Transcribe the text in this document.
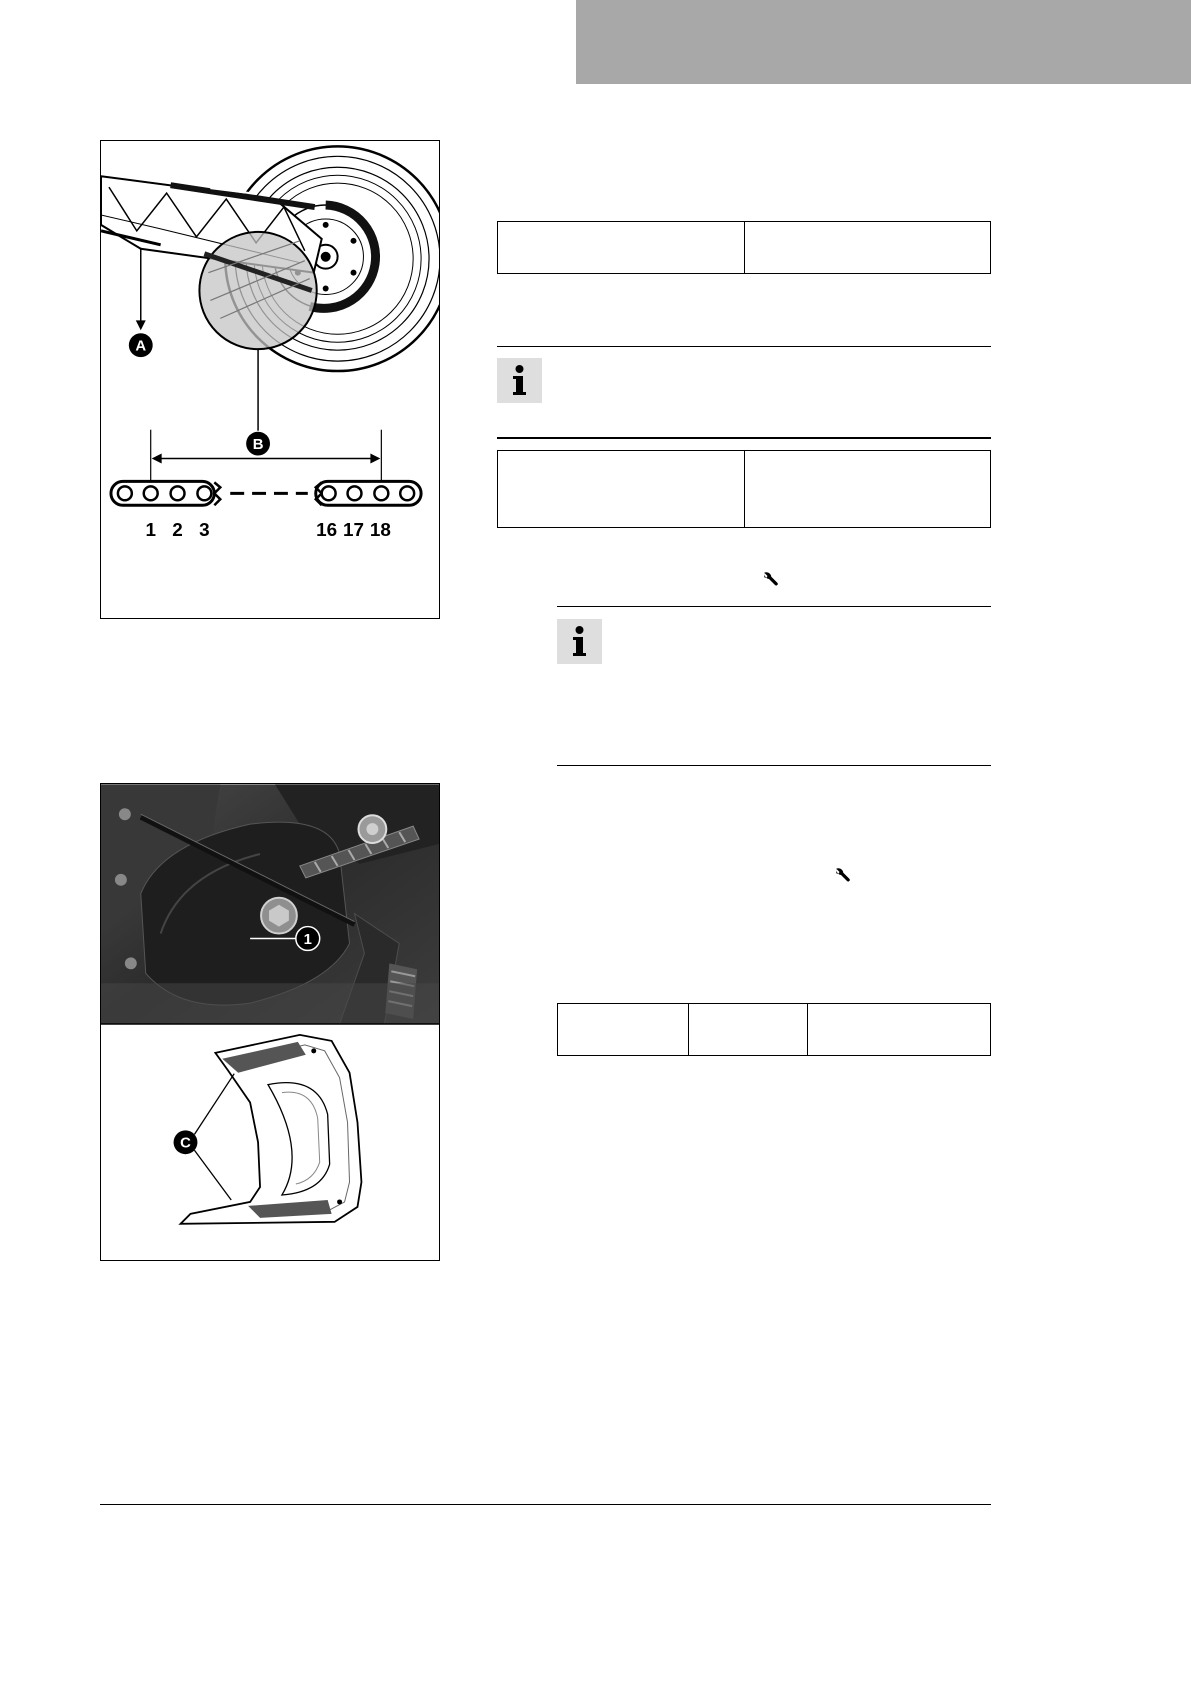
A
B
1 2 3	16 17 18

1
C
